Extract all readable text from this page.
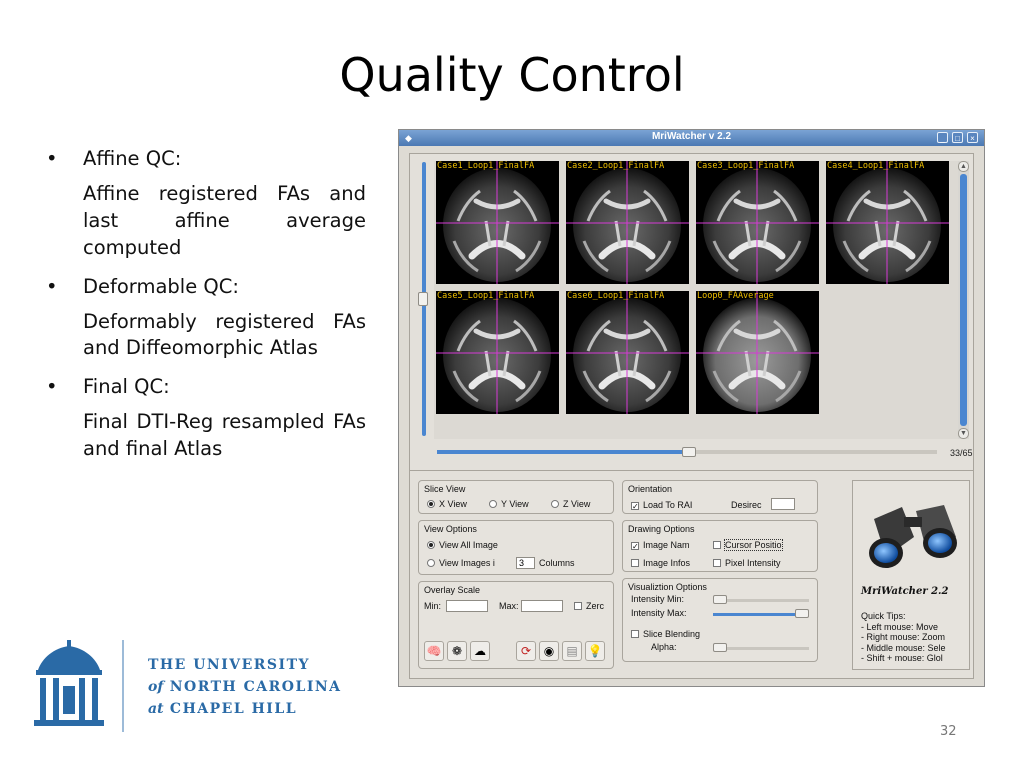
Quality Control
• Affine QC:
Affine registered FAs and last affine average computed
• Deformable QC:
Deformably registered FAs and Diffeomorphic Atlas
• Final QC:
Final DTI-Reg resampled FAs and final Atlas
THE UNIVERSITY
of NORTH CAROLINA
at CHAPEL HILL
32
◆	MriWatcher v 2.2	_	□	×
Case1_Loop1_FinalFA	Case2_Loop1_FinalFA	Case3_Loop1_FinalFA	Case4_Loop1_FinalFA
Case5_Loop1_FinalFA	Case6_Loop1_FinalFA	Loop0_FAAverage
▲
▼
33/65
Slice View
X View	Y View	Z View
View Options
View All Image
View Images i	3	Columns
Overlay Scale
Min:	Max:	Zerc
🧠 ❁ ☁	⟳	◉	▤ 💡
Orientation
✓ Load To RAI	Desirec
Drawing Options
✓ Image Nam	Cursor Positio
Image Infos	Pixel Intensity
Visualiztion Options
Intensity Min:
Intensity Max:
Slice Blending
Alpha:
MriWatcher 2.2
Quick Tips:
- Left mouse: Move
- Right mouse: Zoom
- Middle mouse: Sele
- Shift + mouse: Glol
